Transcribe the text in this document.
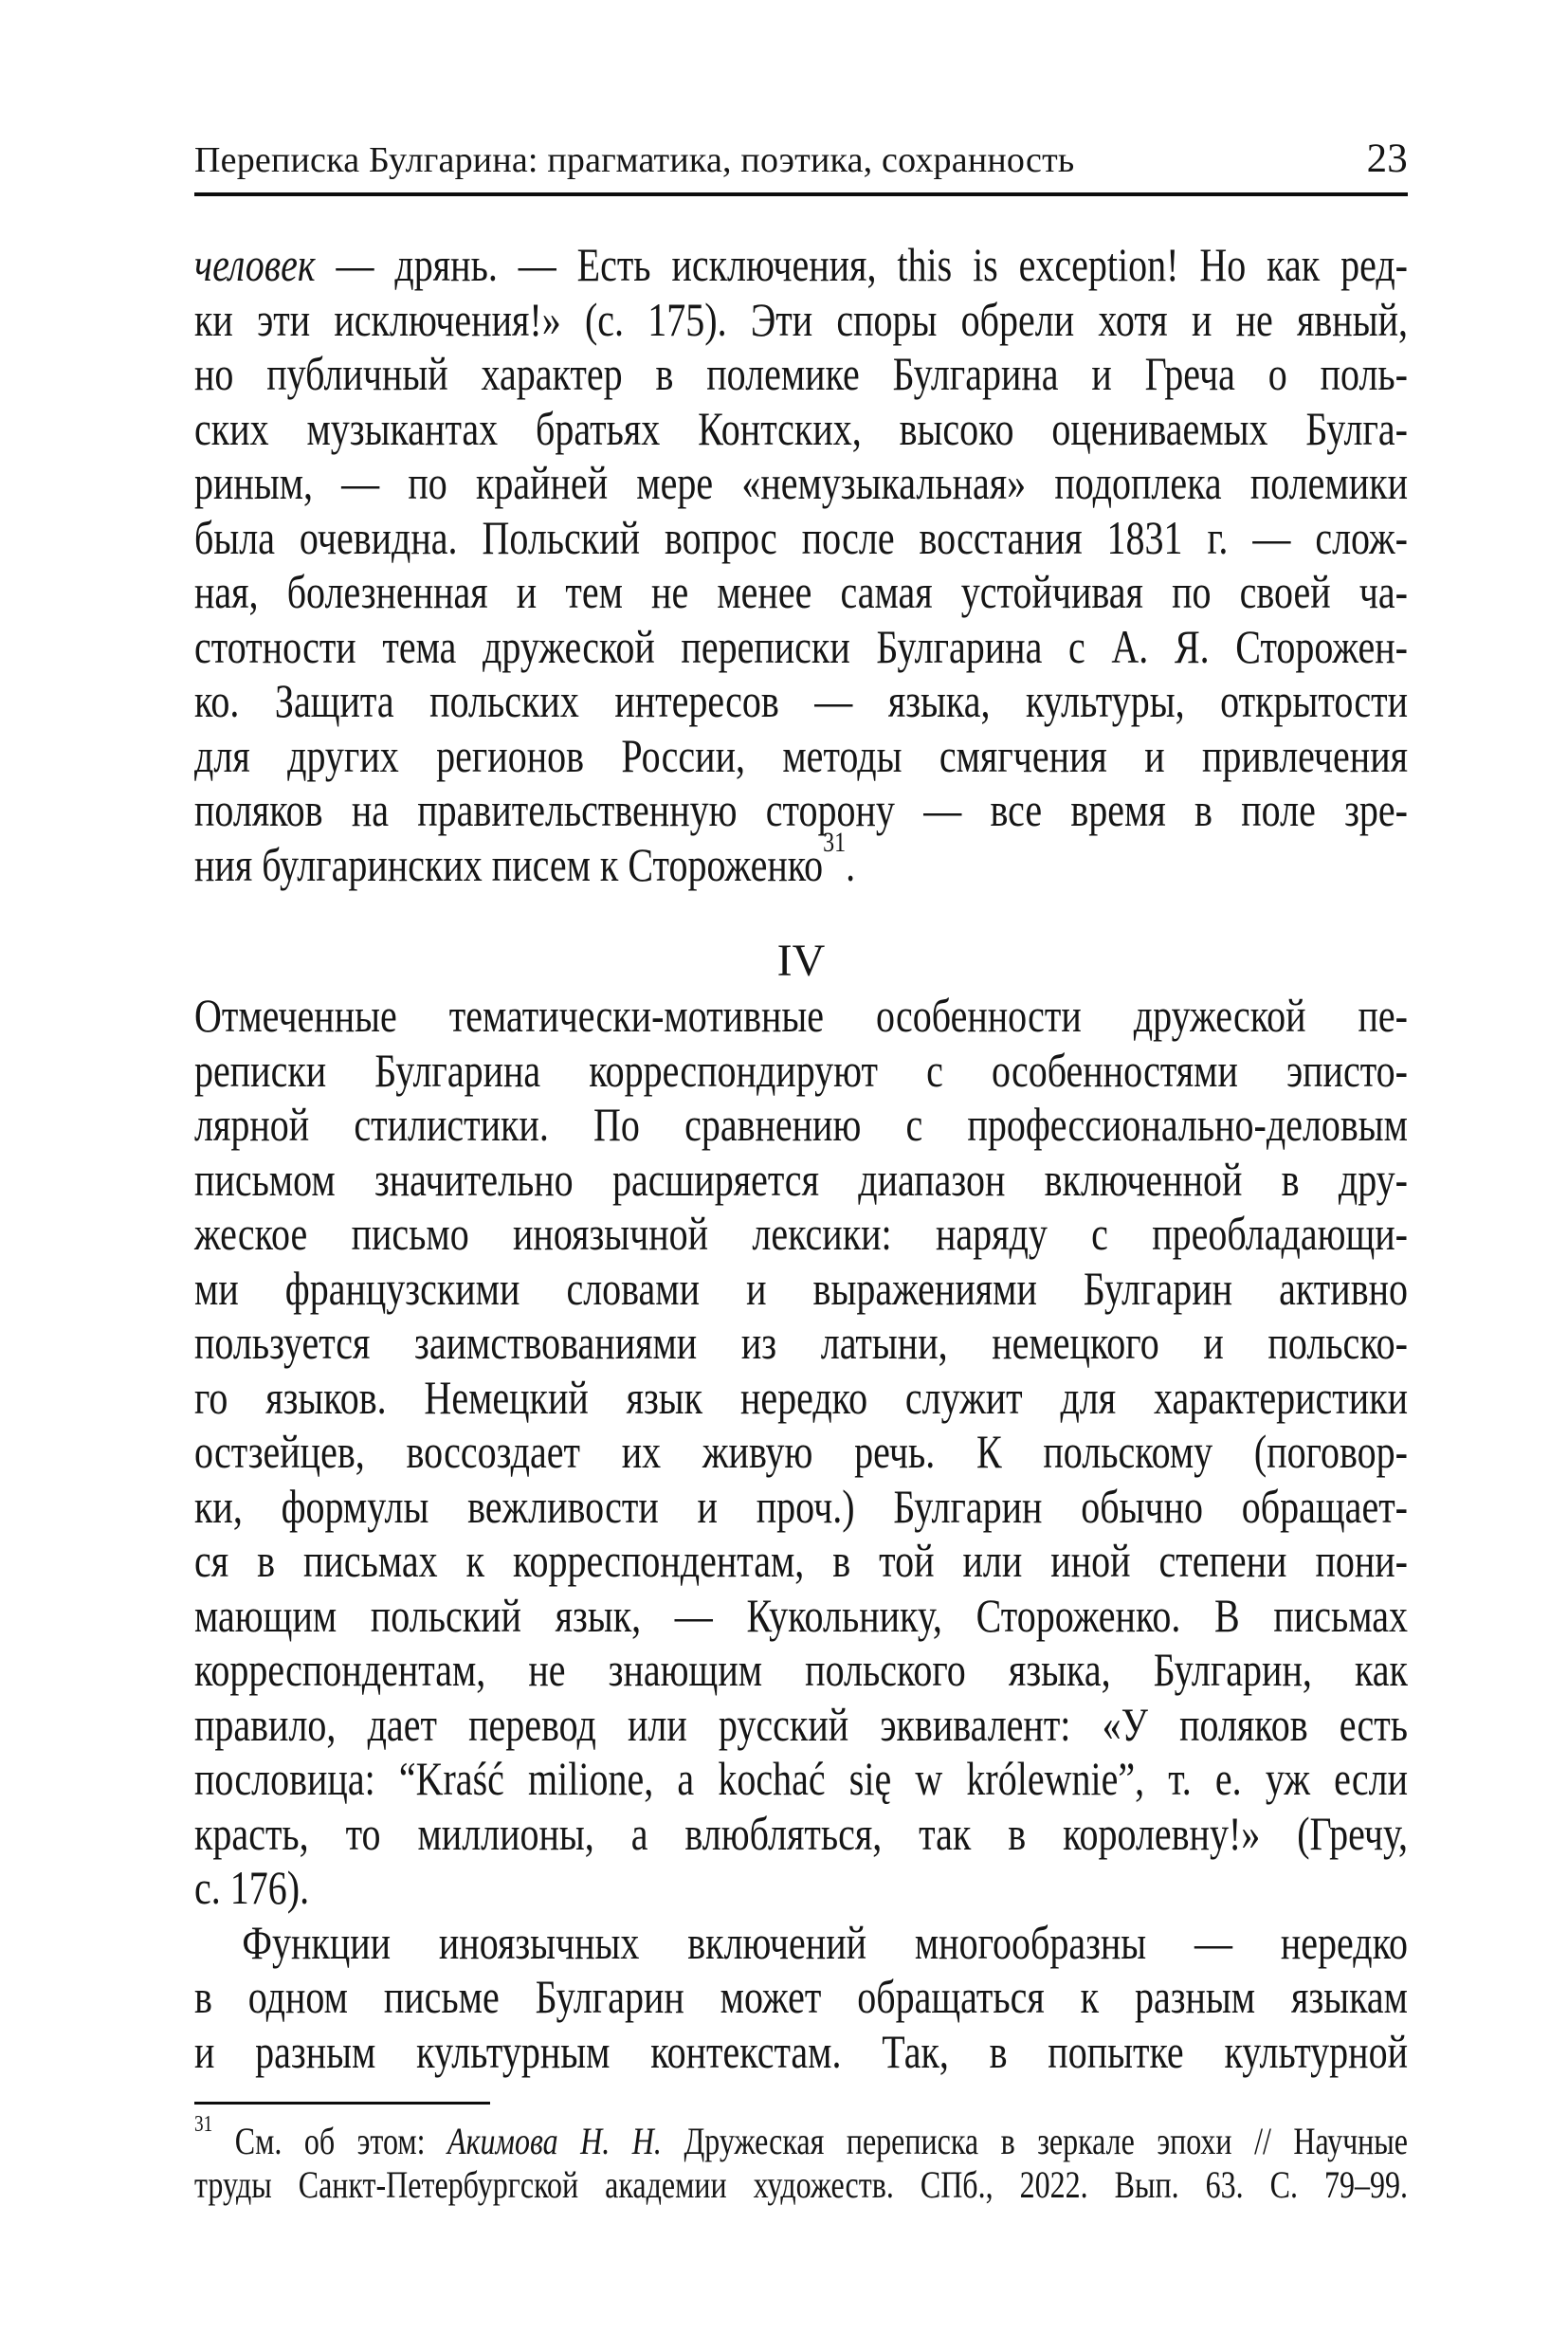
Переписка Булгарина: прагматика, поэтика, сохранность	23
человек — дрянь. — Есть исключения, this is exception! Но как ред-
ки эти исключения!» (с. 175). Эти споры обрели хотя и не явный,
но публичный характер в полемике Булгарина и Греча о поль-
ских музыкантах братьях Контских, высоко оцениваемых Булга-
риным, — по крайней мере «немузыкальная» подоплека полемики
была очевидна. Польский вопрос после восстания 1831 г. — слож-
ная, болезненная и тем не менее самая устойчивая по своей ча-
стотности тема дружеской переписки Булгарина с А. Я. Сторожен-
ко. Защита польских интересов — языка, культуры, открытости
для других регионов России, методы смягчения и привлечения
поляков на правительственную сторону — все время в поле зре-
ния булгаринских писем к Стороженко$^{31}$.
IV
Отмеченные тематически-мотивные особенности дружеской пе-
реписки Булгарина корреспондируют с особенностями эписто-
лярной стилистики. По сравнению с профессионально-деловым
письмом значительно расширяется диапазон включенной в дру-
жеское письмо иноязычной лексики: наряду с преобладающи-
ми французскими словами и выражениями Булгарин активно
пользуется заимствованиями из латыни, немецкого и польско-
го языков. Немецкий язык нередко служит для характеристики
остзейцев, воссоздает их живую речь. К польскому (поговор-
ки, формулы вежливости и проч.) Булгарин обычно обращает-
ся в письмах к корреспондентам, в той или иной степени пони-
мающим польский язык, — Кукольнику, Стороженко. В письмах
корреспондентам, не знающим польского языка, Булгарин, как
правило, дает перевод или русский эквивалент: «У поляков есть
пословица: “Kraść milione, a kochać się w królewnie”, т. е. уж если
красть, то миллионы, а влюбляться, так в королевну!» (Гречу,
с. 176).
Функции иноязычных включений многообразны — нередко
в одном письме Булгарин может обращаться к разным языкам
и разным культурным контекстам. Так, в попытке культурной
$^{31}$ См. об этом: Акимова Н. Н. Дружеская переписка в зеркале эпохи // Научные
труды Санкт-Петербургской академии художеств. СПб., 2022. Вып. 63. С. 79–99.
